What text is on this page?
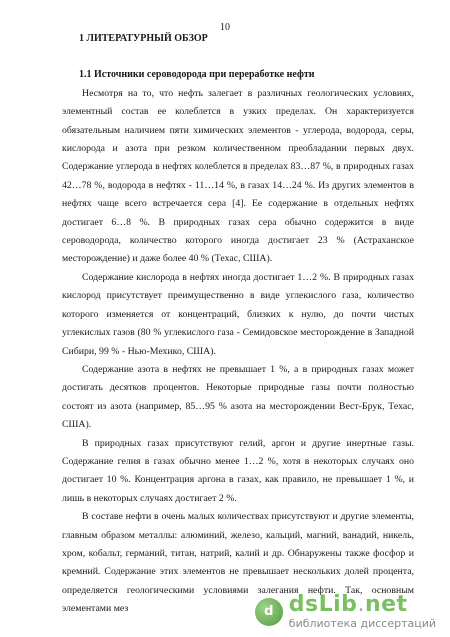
10
1 ЛИТЕРАТУРНЫЙ ОБЗОР
1.1 Источники сероводорода при переработке нефти

Несмотря на то, что нефть залегает в различных геологических условиях, элементный состав ее колеблется в узких пределах. Он характеризуется обязательным наличием пяти химических элементов - углерода, водорода, серы, кислорода и азота при резком количественном преобладании первых двух. Содержание углерода в нефтях колеблется в пределах 83…87 %, в природных газах 42…78 %, водорода в нефтях - 11…14 %, в газах 14…24 %. Из других элементов в нефтях чаще всего встречается сера [4]. Ее содержание в отдельных нефтях достигает 6…8 %. В природных газах сера обычно содержится в виде сероводорода, количество которого иногда достигает 23 % (Астраханское месторождение) и даже более 40 % (Техас, США).

Содержание кислорода в нефтях иногда достигает 1…2 %. В природных газах кислород присутствует преимущественно в виде углекислого газа, количество которого изменяется от концентраций, близких к нулю, до почти чистых углекислых газов (80 % углекислого газа - Семидовское месторождение в Западной Сибири, 99 % - Нью-Мехико, США).

Содержание азота в нефтях не превышает 1 %, а в природных газах может достигать десятков процентов. Некоторые природные газы почти полностью состоят из азота (например, 85…95 % азота на месторождении Вест-Брук, Техас, США).

В природных газах присутствуют гелий, аргон и другие инертные газы. Содержание гелия в газах обычно менее 1…2 %, хотя в некоторых случаях оно достигает 10 %. Концентрация аргона в газах, как правило, не превышает 1 %, и лишь в некоторых случаях достигает 2 %.

В составе нефти в очень малых количествах присутствуют и другие элементы, главным образом металлы: алюминий, железо, кальций, магний, ванадий, никель, хром, кобальт, германий, титан, натрий, калий и др. Обнаружены также фосфор и кремний. Содержание этих элементов не превышает нескольких долей процента, определяется геологическими условиями залегания нефти. Так, основным элементами мез	d dsLib.net
библиотека диссертаций
